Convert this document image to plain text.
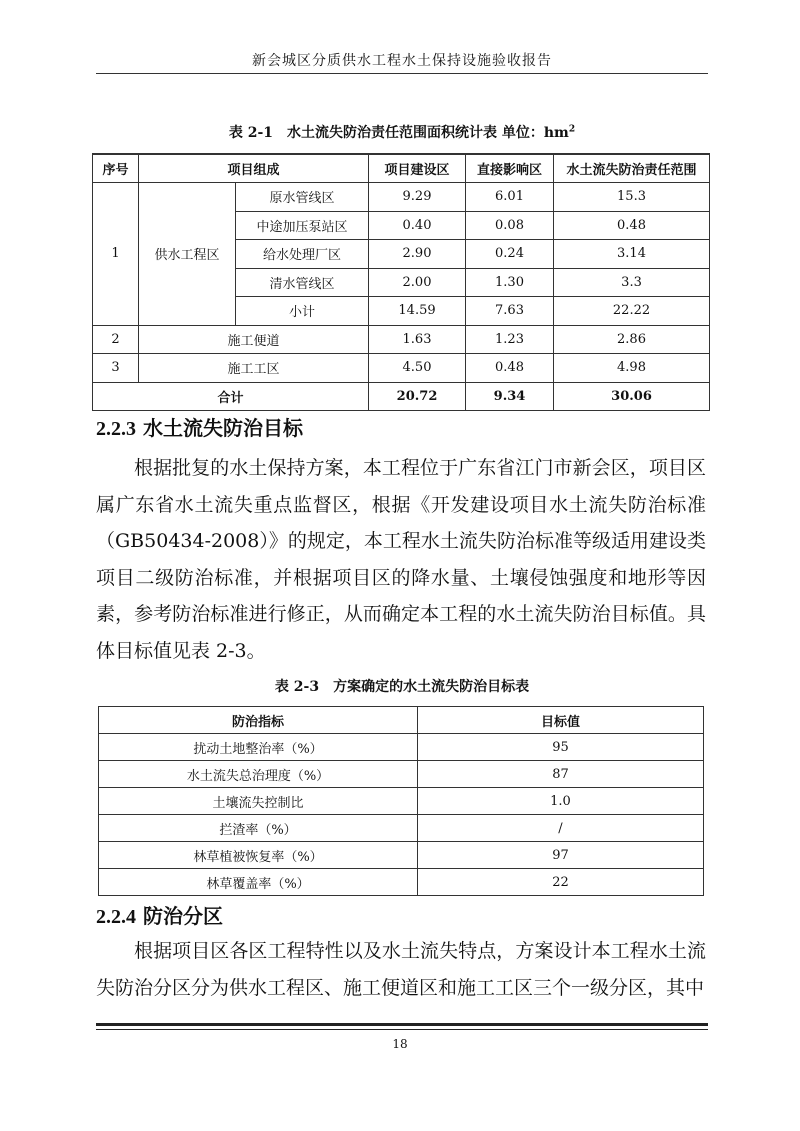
新会城区分质供水工程水土保持设施验收报告
表 2-1　水土流失防治责任范围面积统计表 单位：$hm^2$
序号	项目组成		项目建设区	直接影响区	水土流失防治责任范围
1	供水工程区	原水管线区	9.29	6.01	15.3
		中途加压泵站区	0.40	0.08	0.48
		给水处理厂区	2.90	0.24	3.14
		清水管线区	2.00	1.30	3.3
		小计	14.59	7.63	22.22
2	施工便道		1.63	1.23	2.86
3	施工工区		4.50	0.48	4.98
合计			20.72	9.34	30.06
2.2.3 水土流失防治目标

根据批复的水土保持方案，本工程位于广东省江门市新会区，项目区属广东省水土流失重点监督区，根据《开发建设项目水土流失防治标准（GB50434-2008）》的规定，本工程水土流失防治标准等级适用建设类项目二级防治标准，并根据项目区的降水量、土壤侵蚀强度和地形等因素，参考防治标准进行修正，从而确定本工程的水土流失防治目标值。具体目标值见表 2-3。

表 2-3　方案确定的水土流失防治目标表
防治指标	目标值
扰动土地整治率（%）	95
水土流失总治理度（%）	87
土壤流失控制比	1.0
拦渣率（%）	/
林草植被恢复率（%）	97
林草覆盖率（%）	22
2.2.4 防治分区

根据项目区各区工程特性以及水土流失特点，方案设计本工程水土流失防治分区分为供水工程区、施工便道区和施工工区三个一级分区，其中

18
